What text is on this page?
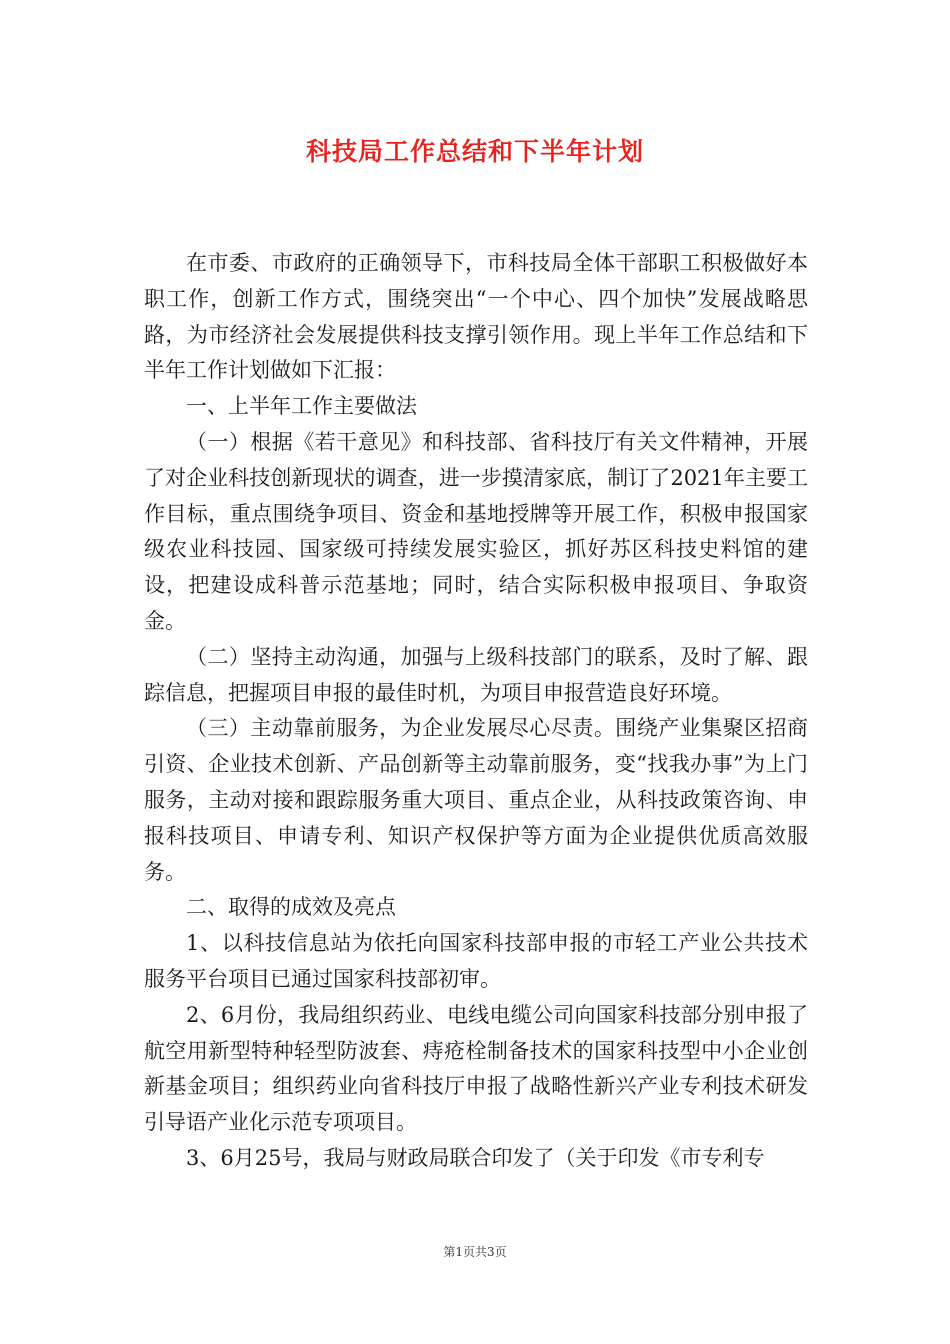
科技局工作总结和下半年计划

在市委、市政府的正确领导下，市科技局全体干部职工积极做好本职工作，创新工作方式，围绕突出“一个中心、四个加快”发展战略思路，为市经济社会发展提供科技支撑引领作用。现上半年工作总结和下半年工作计划做如下汇报：

一、上半年工作主要做法

（一）根据《若干意见》和科技部、省科技厅有关文件精神，开展了对企业科技创新现状的调查，进一步摸清家底，制订了2021年主要工作目标，重点围绕争项目、资金和基地授牌等开展工作，积极申报国家级农业科技园、国家级可持续发展实验区，抓好苏区科技史料馆的建设，把建设成科普示范基地；同时，结合实际积极申报项目、争取资金。

（二）坚持主动沟通，加强与上级科技部门的联系，及时了解、跟踪信息，把握项目申报的最佳时机，为项目申报营造良好环境。

（三）主动靠前服务，为企业发展尽心尽责。围绕产业集聚区招商引资、企业技术创新、产品创新等主动靠前服务，变“找我办事”为上门服务，主动对接和跟踪服务重大项目、重点企业，从科技政策咨询、申报科技项目、申请专利、知识产权保护等方面为企业提供优质高效服务。

二、取得的成效及亮点

1、以科技信息站为依托向国家科技部申报的市轻工产业公共技术服务平台项目已通过国家科技部初审。

2、6月份，我局组织药业、电线电缆公司向国家科技部分别申报了航空用新型特种轻型防波套、痔疮栓制备技术的国家科技型中小企业创新基金项目；组织药业向省科技厅申报了战略性新兴产业专利技术研发引导语产业化示范专项项目。

3、6月25号，我局与财政局联合印发了（关于印发《市专利专

第1页共3页
